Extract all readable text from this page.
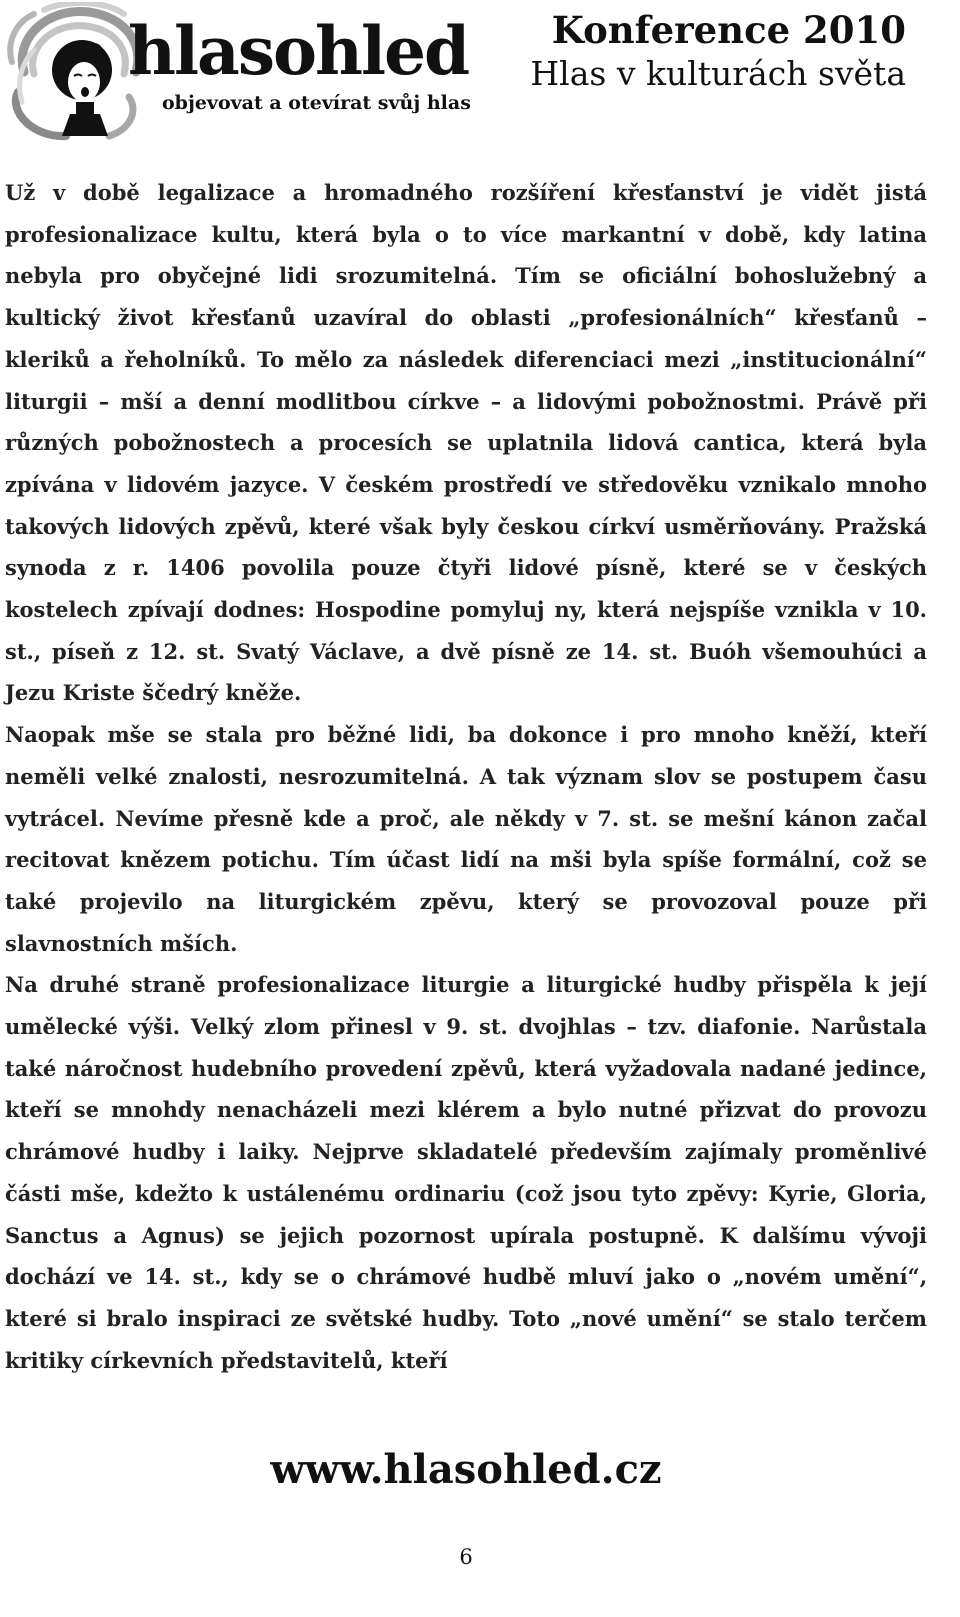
hlasohled
objevovat a otevírat svůj hlas
Konference 2010
Hlas v kulturách světa

Už v době legalizace a hromadného rozšíření křesťanství je vidět jistá profesionalizace kultu, která byla o to více markantní v době, kdy latina nebyla pro obyčejné lidi srozumitelná. Tím se oficiální bohoslužebný a kultický život křesťanů uzavíral do oblasti „profesionálních“ křesťanů – kleriků a řeholníků. To mělo za následek diferenciaci mezi „institucionální“ liturgii – mší a denní modlitbou církve – a lidovými pobožnostmi. Právě při různých pobožnostech a procesích se uplatnila lidová cantica, která byla zpívána v lidovém jazyce. V českém prostředí ve středověku vznikalo mnoho takových lidových zpěvů, které však byly českou církví usměrňovány. Pražská synoda z r. 1406 povolila pouze čtyři lidové písně, které se v českých kostelech zpívají dodnes: Hospodine pomyluj ny, která nejspíše vznikla v 10. st., píseň z 12. st. Svatý Václave, a dvě písně ze 14. st. Buóh všemouhúci a Jezu Kriste ščedrý kněže.

Naopak mše se stala pro běžné lidi, ba dokonce i pro mnoho kněží, kteří neměli velké znalosti, nesrozumitelná. A tak význam slov se postupem času vytrácel. Nevíme přesně kde a proč, ale někdy v 7. st. se mešní kánon začal recitovat knězem potichu. Tím účast lidí na mši byla spíše formální, což se také projevilo na liturgickém zpěvu, který se provozoval pouze při slavnostních mších.

Na druhé straně profesionalizace liturgie a liturgické hudby přispěla k její umělecké výši. Velký zlom přinesl v 9. st. dvojhlas – tzv. diafonie. Narůstala také náročnost hudebního provedení zpěvů, která vyžadovala nadané jedince, kteří se mnohdy nenacházeli mezi klérem a bylo nutné přizvat do provozu chrámové hudby i laiky. Nejprve skladatelé především zajímaly proměnlivé části mše, kdežto k ustálenému ordinariu (což jsou tyto zpěvy: Kyrie, Gloria, Sanctus a Agnus) se jejich pozornost upírala postupně. K dalšímu vývoji dochází ve 14. st., kdy se o chrámové hudbě mluví jako o „novém umění“, které si bralo inspiraci ze světské hudby. Toto „nové umění“ se stalo terčem kritiky církevních představitelů, kteří

www.hlasohled.cz
6
